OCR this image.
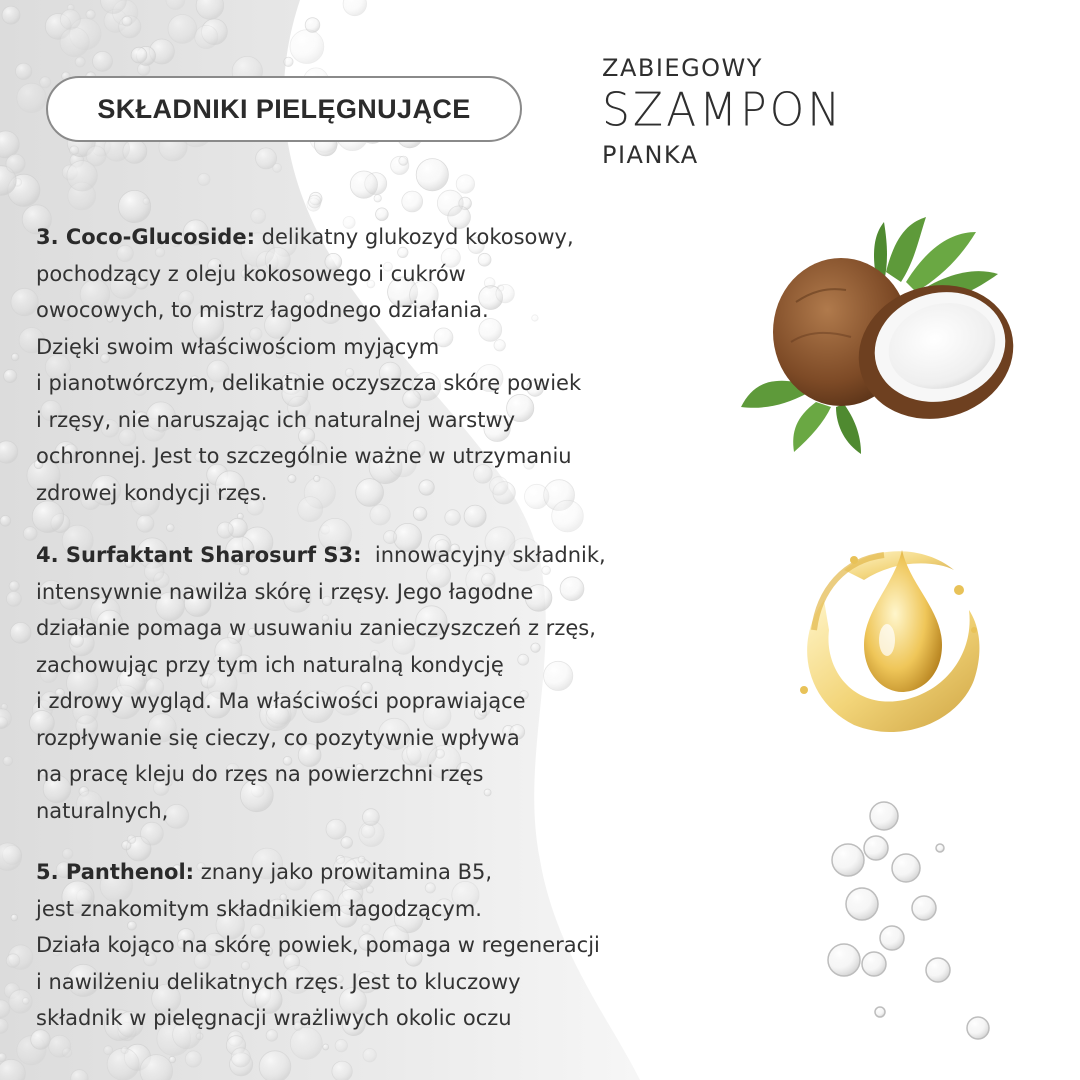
SKŁADNIKI PIELĘGNUJĄCE
ZABIEGOWY
SZAMPON
PIANKA
3. Coco-Glucoside: delikatny glukozyd kokosowy,
pochodzący z oleju kokosowego i cukrów
owocowych, to mistrz łagodnego działania.
Dzięki swoim właściwościom myjącym
i pianotwórczym, delikatnie oczyszcza skórę powiek
i rzęsy, nie naruszając ich naturalnej warstwy
ochronnej. Jest to szczególnie ważne w utrzymaniu
zdrowej kondycji rzęs.
4. Surfaktant Sharosurf S3:  innowacyjny składnik,
intensywnie nawilża skórę i rzęsy. Jego łagodne
działanie pomaga w usuwaniu zanieczyszczeń z rzęs,
zachowując przy tym ich naturalną kondycję
i zdrowy wygląd. Ma właściwości poprawiające
rozpływanie się cieczy, co pozytywnie wpływa
na pracę kleju do rzęs na powierzchni rzęs
naturalnych,
5. Panthenol: znany jako prowitamina B5,
jest znakomitym składnikiem łagodzącym.
Działa kojąco na skórę powiek, pomaga w regeneracji
i nawilżeniu delikatnych rzęs. Jest to kluczowy
składnik w pielęgnacji wrażliwych okolic oczu
